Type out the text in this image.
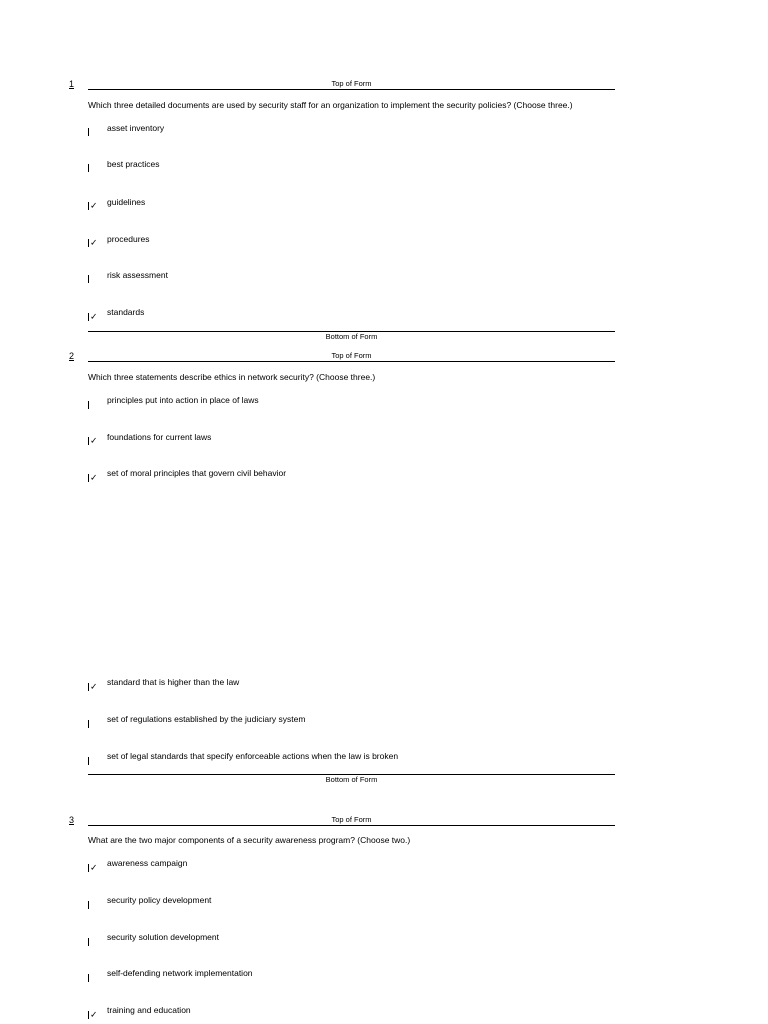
1	Top of Form
Which three detailed documents are used by security staff for an organization to implement the security policies? (Choose three.)
asset inventory
best practices
✓	guidelines
✓	procedures
risk assessment
✓	standards
Bottom of Form
2	Top of Form
Which three statements describe ethics in network security? (Choose three.)
principles put into action in place of laws
✓	foundations for current laws
✓	set of moral principles that govern civil behavior
✓	standard that is higher than the law
set of regulations established by the judiciary system
set of legal standards that specify enforceable actions when the law is broken
Bottom of Form
3	Top of Form
What are the two major components of a security awareness program? (Choose two.)
✓	awareness campaign
security policy development
security solution development
self-defending network implementation
✓	training and education
